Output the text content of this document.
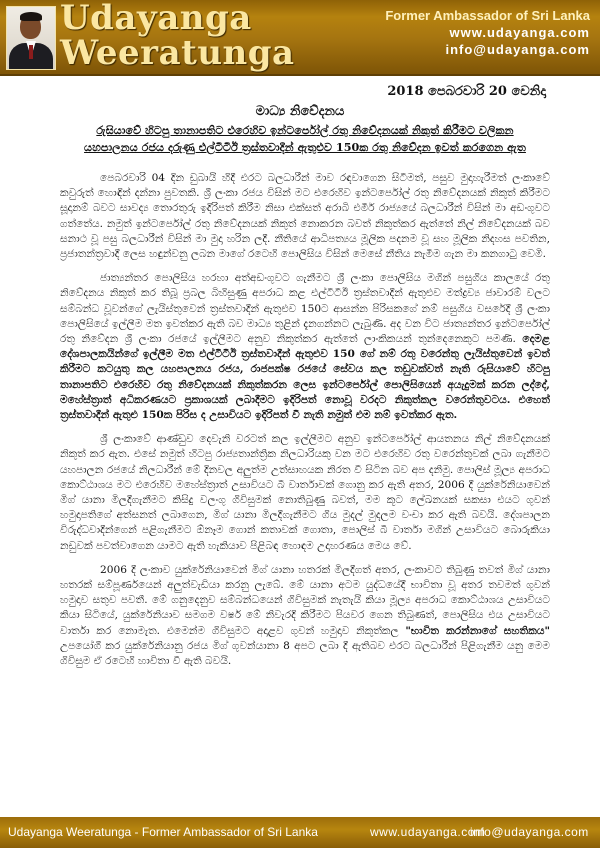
Udayanga
Weeratunga
Former Ambassador of Sri Lanka
www.udayanga.com
info@udayanga.com
2018 පෙබරවාරි 20 වෙනිදා
මාධ්‍ය නිවේදනය
රුසියාවේ හිටපු තානාපතිට එරෙහිව ඉන්ටර්පෝල් රතු නිවේදනයක් නිකුත් කිරීමට වලිකන
යහපාලනය රජය දරුණු එල්ටීටීඊ ත්‍රස්තවාදීන් ඇතුළුව 150ක රතු නිවේදන ඉවත් කරගෙන ඇත

පෙබරවාරි 04 දින ඩුබායි හිදී එරට බලධාරීන් මාව රඳවාගෙන සිටීමත්, පසුව මුදාහැරීමත් ලංකාවේ කවුරුත් හොඳින් දන්නා පුවතකි. ශ්‍රී ලංකා රජය විසින් මට එරෙහිව ඉන්ටර්පෝල් රතු නිවේදනයක් නිකුත් කිරීමට සූදානම් බවට සාවද්‍ය තොරතුරු ඉදිරිපත් කිරීම නිසා එක්සත් අරාබි එමීර් රාජ්‍යයේ බලධාරීන් විසින් මා අඩංගුවට ගත්තේය. නමුත් ඉන්ටර්පෝල් රතු නිවේදනයක් නිකුත් නොකරන බවත් නිකුත්කර ඇත්තේ නිල් නිවේදනයක් බව සනාථ වූ පසු බලධාරීන් විසින් මා මුදා හරින ලදී. නීතියේ ආධිපත්‍යය මූලික පදනම වූ සහ මූලික නිදහස පවතින, ප්‍රජාතන්ත්‍රවාදී ලෙස හඳුන්වනු ලබන මාගේ රටෙහි පොලිසිය විසින් මෙසේ නීතිය නැමීම ගැන මා කනගාටු වෙමි.

ජාත්‍යන්තර පොලිසිය හරහා අත්අඩංගුවට ගැනීමට ශ්‍රී ලංකා පොලිසිය මගින් පසුගිය කාලයේ රතු නිවේදනය නිකුත් කර තිබූ ප්‍රබල බිහිසුණු අපරාධ කළ එල්ටීටීඊ ත්‍රස්තවාදීන් ඇතුළුව මත්ද්‍රව්‍ය ජාවාරම් වලට සම්බන්ධ වූවන්ගේ ලැයිස්තුවෙන් ත්‍රස්තවාදීන් ඇතුළුව 150ට ආසන්න පිරිසකගේ නම් පසුගිය වසරේදී ශ්‍රී ලංකා පොලිසියේ ඉල්ලීම මත ඉවත්කර ඇති බව මාධ්‍ය තුළින් දැනගන්නට ලැබුණි. අද වන විට ජාත්‍යන්තර ඉන්ටර්පෝල් රතු නිවේදන ශ්‍රී ලංකා රජයේ ඉල්ලීමට අනුව නිකුත්කර ඇත්තේ ලාංකිකයන් තුන්දෙනෙකුට පමණි. දෙමළ දේශපාලකයින්ගේ ඉල්ලීම මත එල්ටීටීඊ ත්‍රස්තවාදීන් ඇතුළුව 150 ගේ නම් රතු වරෙන්තු ලැයිස්තුවෙන් ඉවත් කිරීමට කටයුතු කල යහපාලනය රජය, රාජපක්ෂ රජයේ සේවය කල තඩුවක්වත් නැති රුසියාවේ හිටපු තානාපතිට එරෙහිව රතු නිවේදනයක් නිකුත්කරන ලෙස ඉන්ටර්පෝල් පොලිසියෙන් අයැදුමක් කරන ලද්දේ, මහේස්ත්‍රාත් අධිකරණයට ප්‍රකාශයක් ලබාදීමට ඉදිරිපත් නොවූ වරදට නිකුත්කල වරෙන්තුවටය. එහෙත් ත්‍රස්තවාදීන් ඇතුළු 150ක පිරිස ද උසාවියට ඉදිරිපත් වී නැති නමුත් එම නම් ඉවත්කර ඇත.

ශ්‍රී ලංකාවේ ආණ්ඩුව දෙවැනි වරටත් කල ඉල්ලීමට අනුව ඉන්ටර්පෝල් ආයතනය නිල් නිවේදනයක් නිකුත් කර ඇත. එසේ නමුත් හිටපු රාජ්‍යතාන්ත්‍රික නිලධාරියකු වන මට එරෙහිව රතු වරෙන්තුවක් ලබා ගැනීමට යහපාලන රජයේ නිලධාරීන් මේ දිනවල අලුත්ම උත්සාහයක නිරත වී සිටින බව අප දනිමු. පොලිස් මූල්‍ය අපරාධ කොට්ඨාශය මට එරෙහිව මහේස්ත්‍රාත් උසාවියට බී වාර්තාවක් ගොනු කර ඇති අතර, 2006 දී යුක්රේනියාවෙන් මිග් යානා මිලදීගැනීමට කිසිදු වලංගු ගිවිසුමක් නොතිබුණු බවත්, මම කූට ලේඛනයක් සකසා එයට ගුවන් හමුදාපතිගේ අත්සනත් ලබාගෙන, මිග් යානා මිලදීගැනීමට ගිය මුදල් මුදලම වංචා කර ඇති බවයි. දේශපාලන විරුද්ධවාදීන්ගෙන් පළිගැනීමට ඕනෑම ගොන් කතාවක් ගොතා, පොලිස් බී වාර්තා මගින් උසාවියට බොරුකියා නඩුවක් පවත්වාගෙන යාමට ඇති හැකියාව පිළිබඳ හොඳම උදාහරණය මෙය වේ.

2006 දී ලංකාව යුක්රේනියාවෙන් මිග් යානා හතරක් මිලදීගත් අතර, ලංකාවට තිබුණු තවත් මිග් යානා හතරක් සම්පූර්ණයෙන් අලුත්වැඩියා කරනු ලැබේ. මේ යානා අටම යුද්ධයේදී භාවිතා වූ අතර තවමත් ගුවන් හමුදාව සතුව පවතී. මේ ගනුදෙනුව සම්බන්ධයෙන් ගිවිසුමක් නැතැයි කියා මූල්‍ය අපරාධ කොට්ඨාශය උසාවියට කියා සිටියේ, යුක්රේනියාව සමගම වර්ෂ මේ නිවැරදි කිරීමට පියවර ගෙන තිබුණත්, පොලිසිය එය උසාවියට වාර්තා කර නොමැත. එමෙන්ම ගිවිසුමට අදාළව ගුවන් හමුදාව නිකුත්කල "භාවිත කරන්නාගේ සහතිකය" උපයෝගී කර යුක්රේනියානු රජය මිග් ගුවන්යානා 8 අපට ලබා දී ඇතිබව එරට බලධාරීන් පිළිගැනීම යනු මෙම ගිවිසුම ඒ රටෙහි හාවිතා වී ඇති බවයි.

Udayanga Weeratunga - Former Ambassador of Sri Lanka	www.udayanga.com
info@udayanga.com
